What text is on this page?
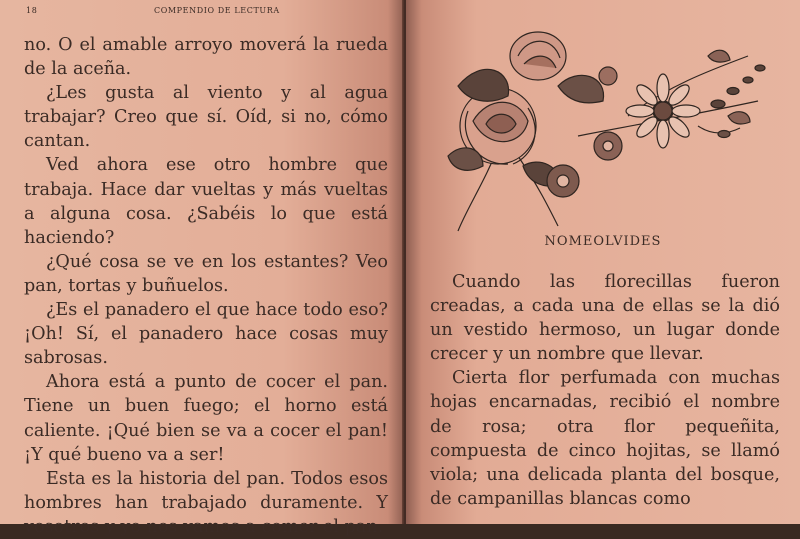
18	COMPENDIO DE LECTURA

no. O el amable arroyo moverá la rueda de la aceña.

¿Les gusta al viento y al agua trabajar? Creo que sí. Oíd, si no, cómo cantan.

Ved ahora ese otro hombre que trabaja. Hace dar vueltas y más vueltas a alguna cosa. ¿Sabéis lo que está haciendo?

¿Qué cosa se ve en los estantes? Veo pan, tortas y buñuelos.

¿Es el panadero el que hace todo eso? ¡Oh! Sí, el panadero hace cosas muy sabrosas.

Ahora está a punto de cocer el pan. Tiene un buen fuego; el horno está caliente. ¡Qué bien se va a cocer el pan! ¡Y qué bueno va a ser!

Esta es la historia del pan. Todos esos hombres han trabajado duramente. Y vosotros y yo nos vamos a comer el pan.

NOMEOLVIDES

Cuando las florecillas fueron creadas, a cada una de ellas se la dió un vestido hermoso, un lugar donde crecer y un nombre que llevar.

Cierta flor perfumada con muchas hojas encarnadas, recibió el nombre de rosa; otra flor pequeñita, compuesta de cinco hojitas, se llamó viola; una delicada planta del bosque, de campanillas blancas como
